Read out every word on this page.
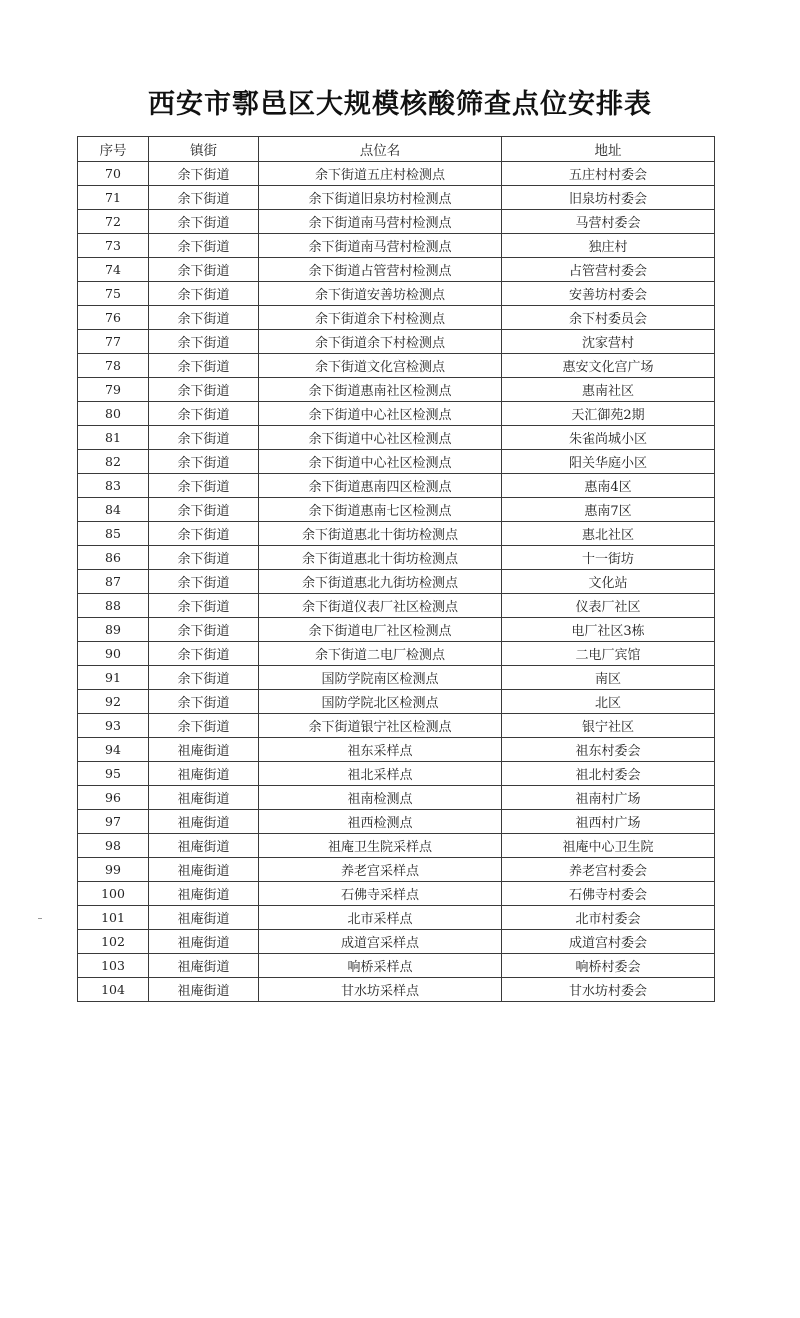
西安市鄠邑区大规模核酸筛查点位安排表
序号	镇街	点位名	地址
70	余下街道	余下街道五庄村检测点	五庄村村委会
71	余下街道	余下街道旧泉坊村检测点	旧泉坊村委会
72	余下街道	余下街道南马营村检测点	马营村委会
73	余下街道	余下街道南马营村检测点	独庄村
74	余下街道	余下街道占管营村检测点	占管营村委会
75	余下街道	余下街道安善坊检测点	安善坊村委会
76	余下街道	余下街道余下村检测点	余下村委员会
77	余下街道	余下街道余下村检测点	沈家营村
78	余下街道	余下街道文化宫检测点	惠安文化宫广场
79	余下街道	余下街道惠南社区检测点	惠南社区
80	余下街道	余下街道中心社区检测点	天汇御苑2期
81	余下街道	余下街道中心社区检测点	朱雀尚城小区
82	余下街道	余下街道中心社区检测点	阳关华庭小区
83	余下街道	余下街道惠南四区检测点	惠南4区
84	余下街道	余下街道惠南七区检测点	惠南7区
85	余下街道	余下街道惠北十街坊检测点	惠北社区
86	余下街道	余下街道惠北十街坊检测点	十一街坊
87	余下街道	余下街道惠北九街坊检测点	文化站
88	余下街道	余下街道仪表厂社区检测点	仪表厂社区
89	余下街道	余下街道电厂社区检测点	电厂社区3栋
90	余下街道	余下街道二电厂检测点	二电厂宾馆
91	余下街道	国防学院南区检测点	南区
92	余下街道	国防学院北区检测点	北区
93	余下街道	余下街道银宁社区检测点	银宁社区
94	祖庵街道	祖东采样点	祖东村委会
95	祖庵街道	祖北采样点	祖北村委会
96	祖庵街道	祖南检测点	祖南村广场
97	祖庵街道	祖西检测点	祖西村广场
98	祖庵街道	祖庵卫生院采样点	祖庵中心卫生院
99	祖庵街道	养老宫采样点	养老宫村委会
100	祖庵街道	石佛寺采样点	石佛寺村委会
101	祖庵街道	北市采样点	北市村委会
102	祖庵街道	成道宫采样点	成道宫村委会
103	祖庵街道	响桥采样点	响桥村委会
104	祖庵街道	甘水坊采样点	甘水坊村委会
